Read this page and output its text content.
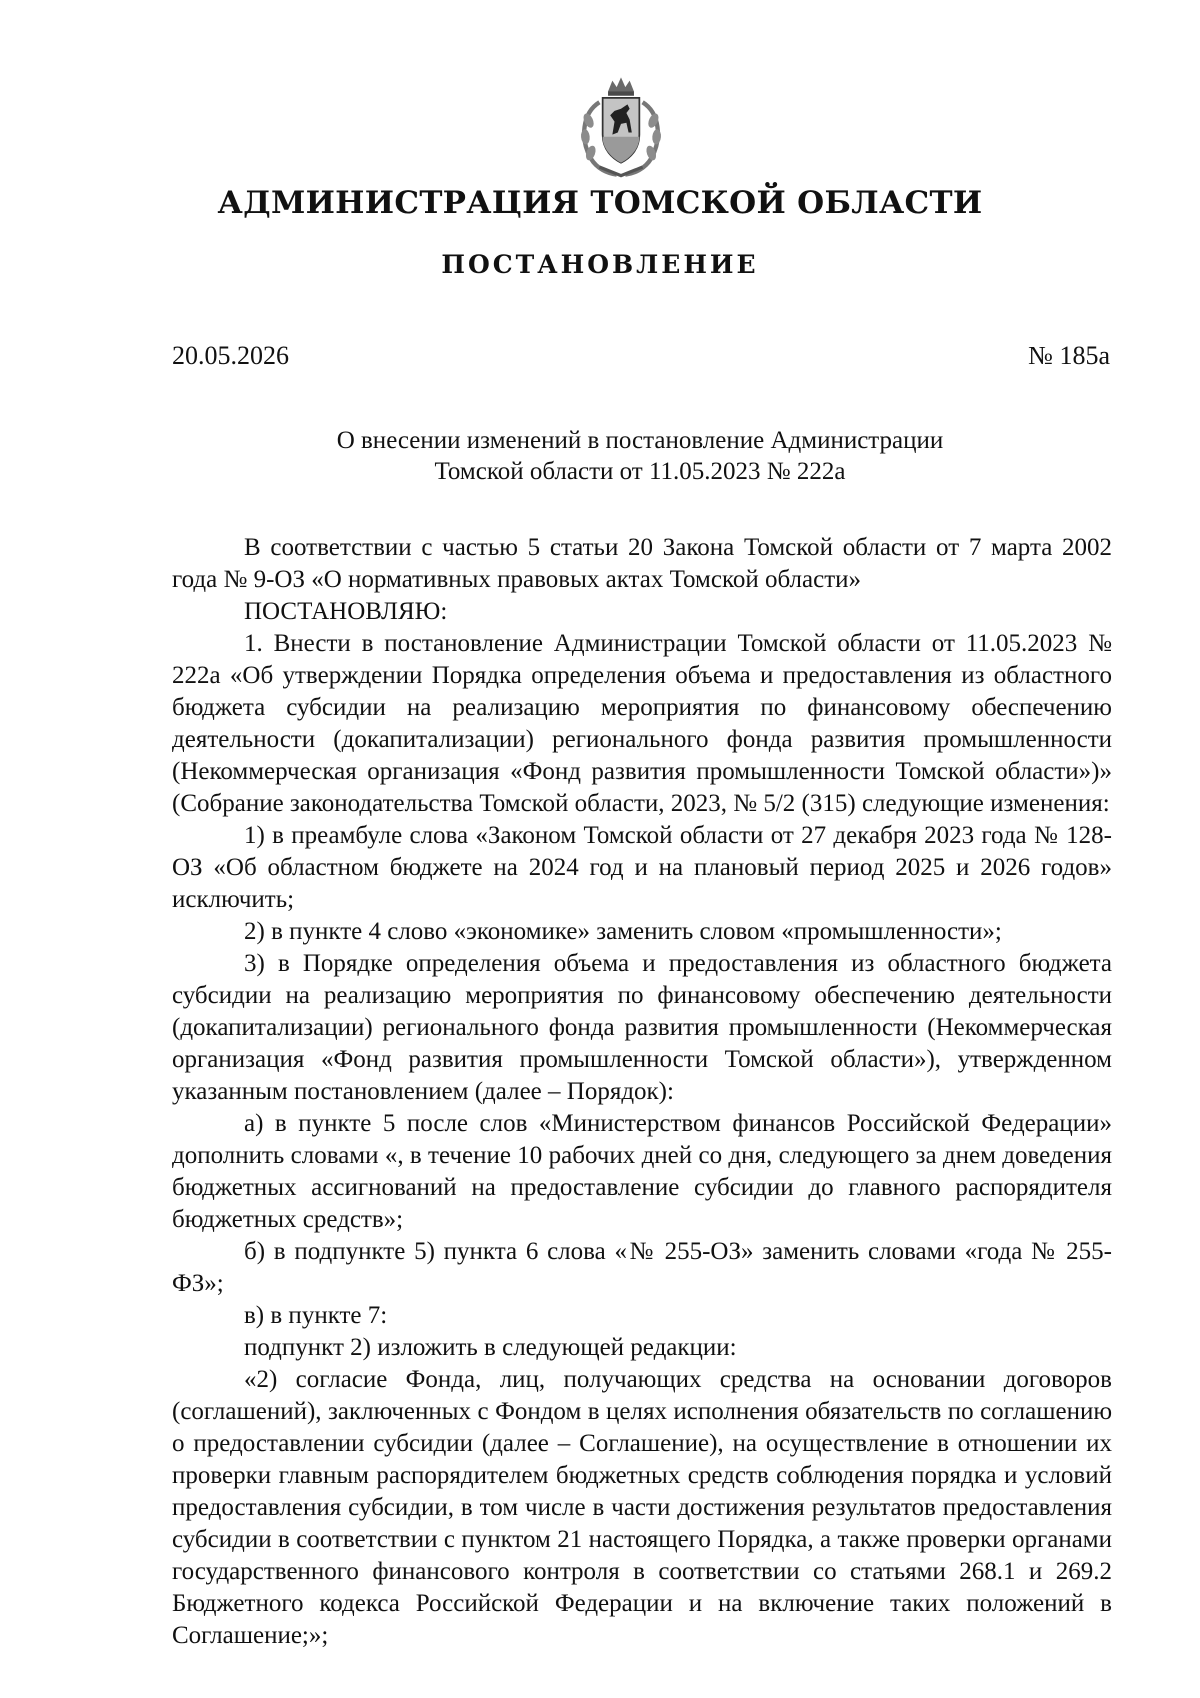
АДМИНИСТРАЦИЯ ТОМСКОЙ ОБЛАСТИ
ПОСТАНОВЛЕНИЕ
20.05.2026	№ 185а
О внесении изменений в постановление Администрации
Томской области от 11.05.2023 № 222а

В соответствии с частью 5 статьи 20 Закона Томской области от 7 марта 2002 года № 9-ОЗ «О нормативных правовых актах Томской области»

ПОСТАНОВЛЯЮ:

1. Внести в постановление Администрации Томской области от 11.05.2023 № 222а «Об утверждении Порядка определения объема и предоставления из областного бюджета субсидии на реализацию мероприятия по финансовому обеспечению деятельности (докапитализации) регионального фонда развития промышленности (Некоммерческая организация «Фонд развития промышленности Томской области»)» (Собрание законодательства Томской области, 2023, № 5/2 (315) следующие изменения:

1) в преамбуле слова «Законом Томской области от 27 декабря 2023 года № 128-ОЗ «Об областном бюджете на 2024 год и на плановый период 2025 и 2026 годов» исключить;

2) в пункте 4 слово «экономике» заменить словом «промышленности»;

3) в Порядке определения объема и предоставления из областного бюджета субсидии на реализацию мероприятия по финансовому обеспечению деятельности (докапитализации) регионального фонда развития промышленности (Некоммерческая организация «Фонд развития промышленности Томской области»), утвержденном указанным постановлением (далее – Порядок):

а) в пункте 5 после слов «Министерством финансов Российской Федерации» дополнить словами «, в течение 10 рабочих дней со дня, следующего за днем доведения бюджетных ассигнований на предоставление субсидии до главного распорядителя бюджетных средств»;

б) в подпункте 5) пункта 6 слова «№ 255-ОЗ» заменить словами «года № 255-ФЗ»;

в) в пункте 7:

подпункт 2) изложить в следующей редакции:

«2) согласие Фонда, лиц, получающих средства на основании договоров (соглашений), заключенных с Фондом в целях исполнения обязательств по соглашению о предоставлении субсидии (далее – Соглашение), на осуществление в отношении их проверки главным распорядителем бюджетных средств соблюдения порядка и условий предоставления субсидии, в том числе в части достижения результатов предоставления субсидии в соответствии с пунктом 21 настоящего Порядка, а также проверки органами государственного финансового контроля в соответствии со статьями 268.1 и 269.2 Бюджетного кодекса Российской Федерации и на включение таких положений в Соглашение;»;
